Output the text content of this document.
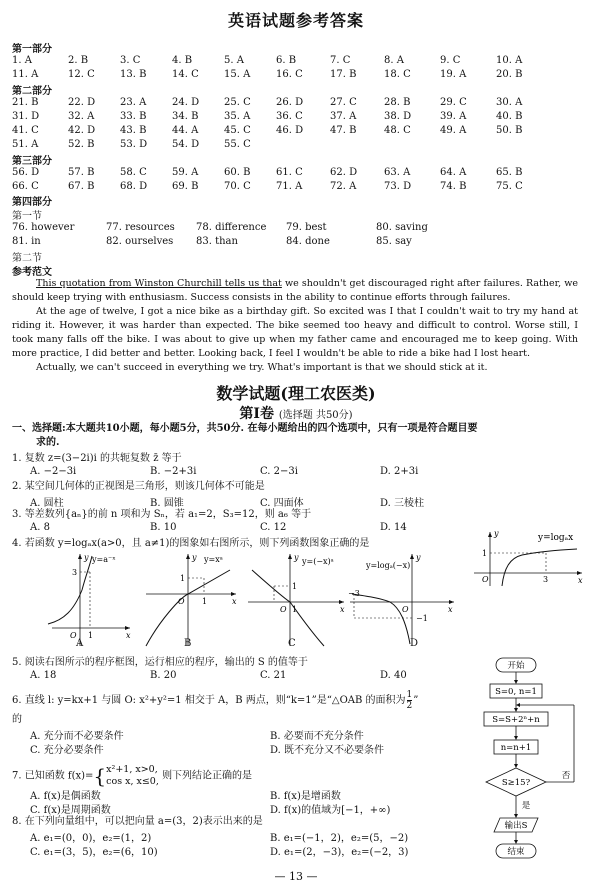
英语试题参考答案
第一部分
1. A	2. B	3. C	4. B	5. A	6. B	7. C	8. A	9. C	10. A
11. A	12. C	13. B	14. C	15. A	16. C	17. B	18. C	19. A	20. B
第二部分
21. B	22. D 23. A	24. D 25. C	26. D	27. C	28. B	29. C	30. A
31. D	32. A	33. B	34. B	35. A	36. C	37. A	38. D	39. A	40. B
41. C	42. D 43. B	44. A	45. C	46. D	47. B	48. C	49. A	50. B
51. A	52. B	53. D 54. D 55. C
第三部分
56. D	57. B	58. C	59. A	60. B	61. C	62. D	63. A	64. A	65. B
66. C	67. B	68. D 69. B	70. C	71. A	72. A	73. D	74. B	75. C
第四部分
第一节
76. however	77. resources 78. difference 79. best	80. saving
81. in	82. ourselves 83. than	84. done	85. say
第二节
参考范文

This quotation from Winston Churchill tells us that we shouldn't get discouraged right after failures. Rather, we should keep trying with enthusiasm. Success consists in the ability to continue efforts through failures.

At the age of twelve, I got a nice bike as a birthday gift. So excited was I that I couldn't wait to try my hand at riding it. However, it was harder than expected. The bike seemed too heavy and difficult to control. Worse still, I took many falls off the bike. I was about to give up when my father came and encouraged me to keep going. With more practice, I did better and better. Looking back, I feel I wouldn't be able to ride a bike had I lost heart.

Actually, we can't succeed in everything we try. What's important is that we should stick at it.

数学试题(理工农医类)
第Ⅰ卷 (选择题 共50分)
一、选择题:本大题共10小题，每小题5分，共50分. 在每小题给出的四个选项中，只有一项是符合题目要
求的.
1. 复数 z=(3−2i)i 的共轭复数 z̄ 等于
A. −2−3i	B. −2+3i	C. 2−3i	D. 2+3i
2. 某空间几何体的正视图是三角形，则该几何体不可能是
A. 圆柱	B. 圆锥	C. 四面体	D. 三棱柱
3. 等差数列{aₙ}的前 n 项和为 Sₙ，若 a₁=2，S₃=12，则 a₆ 等于
A. 8	B. 10	C. 12	D. 14
4. 若函数 y=logₐx(a>0，且 a≠1)的图象如右图所示，则下列函数图象正确的是	y=logₐx
1
O	3	x
y
y=a⁻ˣ
3
O 1	x
y
A
y=xᵃ
1
O 1	x
y
B
y=(−x)ᵃ
1
O 1	x
y
C
y=logₐ(−x)
−3
O
−1
x
y
D
5. 阅读右图所示的程序框图，运行相应的程序，输出的 S 的值等于
A. 18	B. 20	C. 21	D. 40
6. 直线 l: y=kx+1 与圆 O: x²+y²=1 相交于 A，B 两点，则“k=1”是“△OAB 的面积为 $\frac{1}{2}$ ”
的
A. 充分而不必要条件	B. 必要而不充分条件
C. 充分必要条件	D. 既不充分又不必要条件
7. 已知函数 f(x)={ x²+1, x>0,
cos x, x≤0, 则下列结论正确的是
A. f(x)是偶函数	B. f(x)是增函数
C. f(x)是周期函数	D. f(x)的值域为[−1，+∞)
8. 在下列向量组中，可以把向量 a=(3，2)表示出来的是
A. e₁=(0，0)，e₂=(1，2)	B. e₁=(−1，2)，e₂=(5，−2)
C. e₁=(3，5)，e₂=(6，10)	D. e₁=(2，−3)，e₂=(−2，3)
开始
S=0, n=1
S=S+2ⁿ+n
n=n+1
S≥15?
否
是
输出S
结束
— 13 —
